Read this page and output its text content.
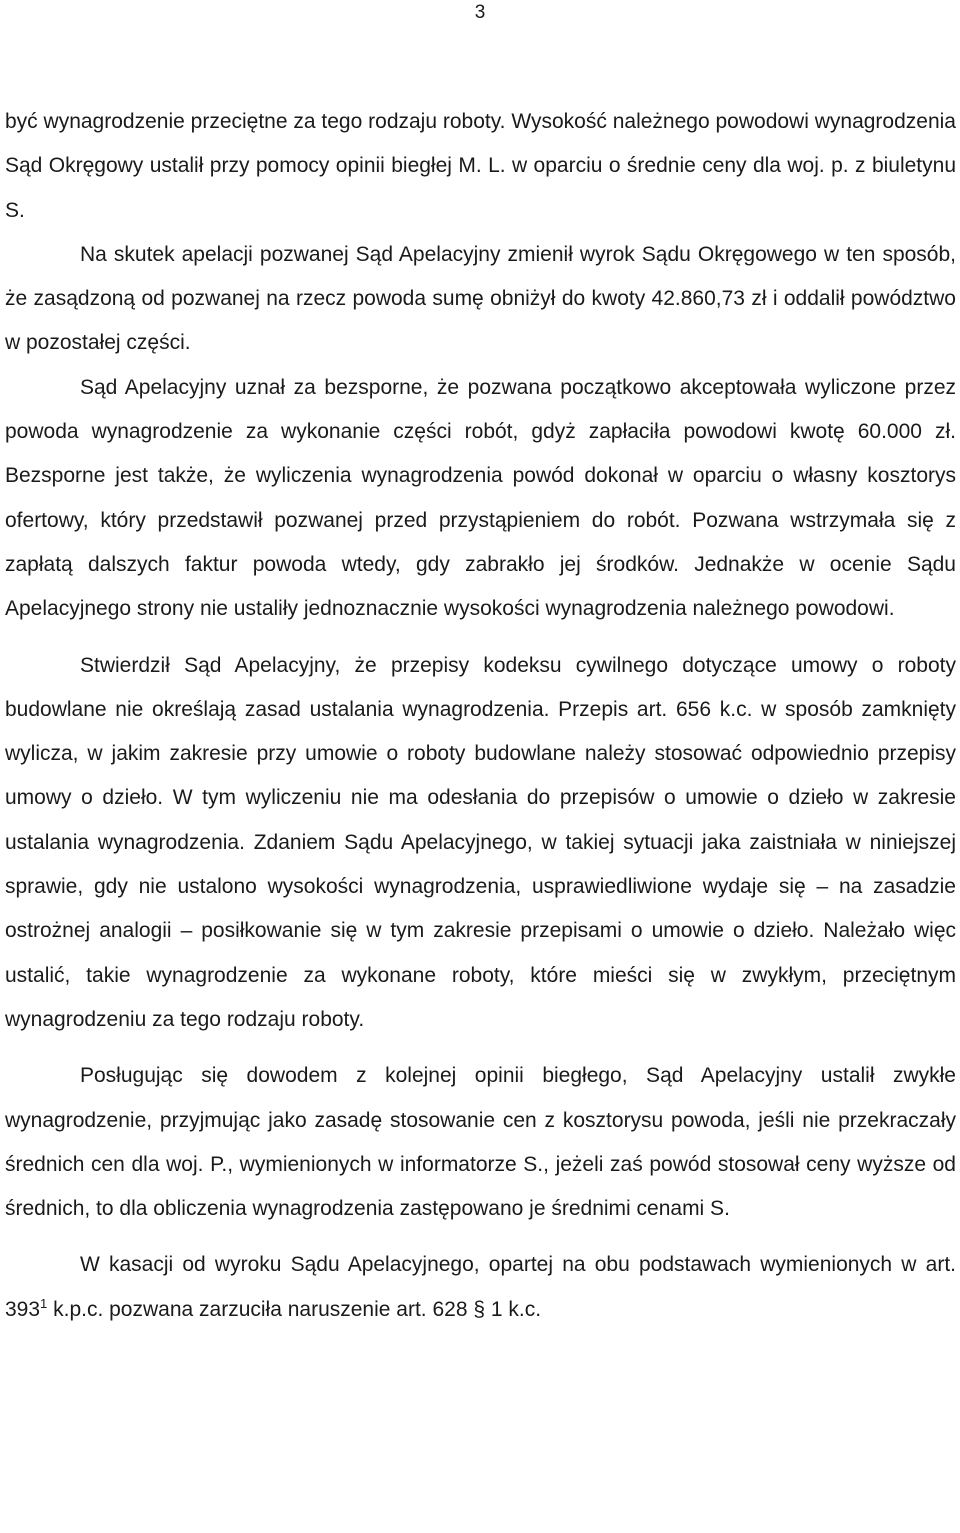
3

być wynagrodzenie przeciętne za tego rodzaju roboty. Wysokość należnego powodowi wynagrodzenia Sąd Okręgowy ustalił przy pomocy opinii biegłej M. L. w oparciu o średnie ceny dla woj. p. z biuletynu S.

Na skutek apelacji pozwanej Sąd Apelacyjny zmienił wyrok Sądu Okręgowego w ten sposób, że zasądzoną od pozwanej na rzecz powoda sumę obniżył do kwoty 42.860,73 zł i oddalił powództwo w pozostałej części.

Sąd Apelacyjny uznał za bezsporne, że pozwana początkowo akceptowała wyliczone przez powoda wynagrodzenie za wykonanie części robót, gdyż zapłaciła powodowi kwotę 60.000 zł. Bezsporne jest także, że wyliczenia wynagrodzenia powód dokonał w oparciu o własny kosztorys ofertowy, który przedstawił pozwanej przed przystąpieniem do robót. Pozwana wstrzymała się z zapłatą dalszych faktur powoda wtedy, gdy zabrakło jej środków. Jednakże w ocenie Sądu Apelacyjnego strony nie ustaliły jednoznacznie wysokości wynagrodzenia należnego powodowi.

Stwierdził Sąd Apelacyjny, że przepisy kodeksu cywilnego dotyczące umowy o roboty budowlane nie określają zasad ustalania wynagrodzenia. Przepis art. 656 k.c. w sposób zamknięty wylicza, w jakim zakresie przy umowie o roboty budowlane należy stosować odpowiednio przepisy umowy o dzieło. W tym wyliczeniu nie ma odesłania do przepisów o umowie o dzieło w zakresie ustalania wynagrodzenia. Zdaniem Sądu Apelacyjnego, w takiej sytuacji jaka zaistniała w niniejszej sprawie, gdy nie ustalono wysokości wynagrodzenia, usprawiedliwione wydaje się – na zasadzie ostrożnej analogii – posiłkowanie się w tym zakresie przepisami o umowie o dzieło. Należało więc ustalić, takie wynagrodzenie za wykonane roboty, które mieści się w zwykłym, przeciętnym wynagrodzeniu za tego rodzaju roboty.

Posługując się dowodem z kolejnej opinii biegłego, Sąd Apelacyjny ustalił zwykłe wynagrodzenie, przyjmując jako zasadę stosowanie cen z kosztorysu powoda, jeśli nie przekraczały średnich cen dla woj. P., wymienionych w informatorze S., jeżeli zaś powód stosował ceny wyższe od średnich, to dla obliczenia wynagrodzenia zastępowano je średnimi cenami S.

W kasacji od wyroku Sądu Apelacyjnego, opartej na obu podstawach wymienionych w art. $393^1$ k.p.c. pozwana zarzuciła naruszenie art. 628 § 1 k.c.
